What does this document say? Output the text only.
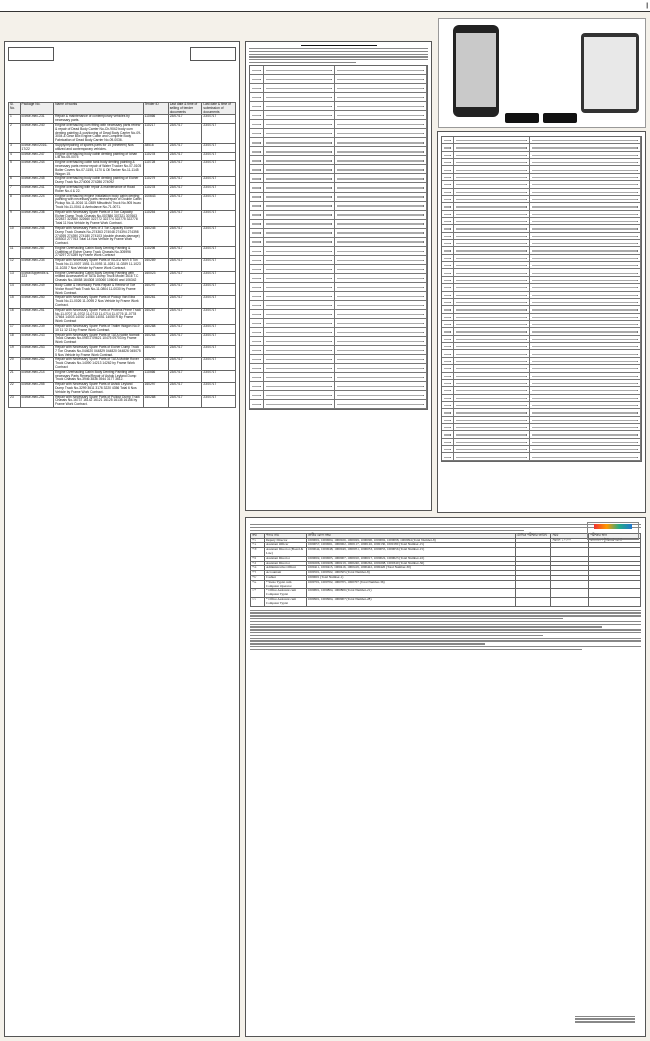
|

Sl. No.	Package No.	Name of works	Tender ID	Last date & time of selling of tender documents	Last date & time of submission of documents
1	cccwe-mec-231	Repair & maintenance of contemporary vehicles by necessary parts.	110466	23/07/17	23/07/17
2	cccwe-mec-240	Engine overhauling cum fitting with necessary parts renew & repair of Dead Body Carrier No-Ch-9042 body cum denting painting & cushioning of Dead Body Carrier No-09-3004 & Gear Box Engine Cabin and Complete Body Fabrication of Dead Body Carrier No-09-0036.	110217	23/07/17	23/07/17
3	cccwe-mec/2016-17/22	Supply/repairing of spares parts for 15 (nineteen) Nos utilized and contemporary vehicles.	38516	23/07/17	23/07/17
4	cccwe-mec-247	Engine overhauling body cabin denting painting of Ichan L/B No-05-0075	110278	23/07/17	23/07/17
5	cccwe-mec-244	Engine overhauling cabin tank body denting painting & necessary parts renew repair of Water Trucker No-07-0105 Boiler Covers No-07-1155, 1170 & Oil Tanker No-11-1145 Wagon 15.	110728	23/07/17	23/07/17
6	cccwe-mec-245	Engine overhauling body cabin denting painting of Eicher Dump Truck No-274006 274286 274092	110279	23/07/17	23/07/17
7	cccwe-mec-241	Engine overhauling with repair & maintenance of Road Roller No-4 & 22.	110278	23/07/17	23/07/17
8	cccwe-mec-224	Engine overhauling engine installation body cabin denting painting with necessary parts renew/repair of Double Cabin Pickup No-11-0016 11-0389 Mitsubishi Truck No-905 Isuzu Truck No-11-0041 & Ambulance No-71-0071.	100643	23/07/17	23/07/17
9	cccwe-mec-236	Repair with Necessary Spare Parts of 3 Ton Capacity Eicher Dump Truck Chassis No-007886 307321 307663 322837 322650 322660 322772 322774 322775 322778 Total 11 Nos Vehicle by Frame Work Contract.	110254	23/07/17	23/07/17
10	cccwe-mec-248	Repair with Necessary Parts of 3 Ton Capacity Eicher Dump Truck Chassis No-274363 274048 274394 274398 274395 274390 274180 274103 (double chassis damage) 305302 277763 Total 14 Nos Vehicle by Frame Work Contract.	160245	23/07/17	23/07/17
11	cccwe-mec-287	Engine Overhauling Cabin Body Denting Painting & Outfitting of Eicher Dump Truck Chassis No-305996 274297 274289 by Frame Work Contract	110298	23/07/17	23/07/17
12	cccwe-mec-234	Repair with Necessary Spare Parts of ISUZU NKR 5 Ton Truck No-11-0007 1551 11-0093 11-0281 11-0289 11-1023 11-1028 7 Nos Vehicle by Frame Work Contract.	160289	23/07/17	23/07/17
13	cccwe/Appendix-s-223	Engine Overhauling Cabin Body Denting Painting with related Accessories of TATA Dump Truck Model 1616 T.C Chassis No-18458 164308 103060 106040 and 106342	160023	23/07/17	23/07/17
14	cccwe-mec-249	Body Cabin & Necessary Parts Repair & Renew of Toe Vrolar Hood Pack Truck No-11-0804 11-0030 by Frame Work Contract.	160297	23/07/17	23/07/17
15	cccwe-mec-250	Repair with Necessary Spare Parts of Pickup Van Eiba Truck No-11-0026 11-0095 2 Nos Vehicle by Frame Work Contract.	160261	23/07/17	23/07/17
16	cccwe-mec-251	Repair with Necessary Spare Parts of Proteus Prime Truck No-11-0707 11-0702 11-0713 11-0714 11-0776 11-0778 17664 14003 14002 14084 14051 14050 R By Frame Work Contract	160267	23/07/17	23/07/17
17	cccwe-mec-239	Repair with Necessary Spare Parts of Trailer Wagon No-9 10 11 12 13 by Frame Work Contract.	160288	23/07/17	23/07/17
18	cccwe-mec-243	Repair with Necessary Spare Parts of TATA Noble Nomati Truck Chassis No-09672 09621 10475 09703 by Frame Work Contract	160264	23/07/17	23/07/17
19	cccwe-mec-253	Repair with Necessary Spare Parts of Eicher Dump Truck 7 Ton Chassis No-044620 044829 044820 044826 045075 5 Nos Vehicle by Frame Work Contract.	160207	23/07/17	23/07/17
20	cccwe-mec-252	Repair with Necessary Spare Parts of TATA Mobile Rover Truck Chassis No-14090 14213 14262 by Frame Work Contract	160290	23/07/17	23/07/17
21	cccwe-mec-214	Engine Overhauling Cabin Body Denting Painting with necessary Parts Renew/Repair of Ashok Leyland Dump Truck Chassis No-3946 3836 3944 3177 3612.	110466	23/07/17	23/07/17
22	cccwe-mec-255	Repair with Necessary Spare Parts of Ashok Leyland Dump Truck No-3299 3611 3176 3220 4356 Total 6 Nos Vehicle by Frame Work Contract.	160297	23/07/17	23/07/17
23	cccwe-mec-251	Repair with Necessary Spare Parts of Pullout Dump Truck Chassis No-16737 16142 16121 16125 16135 16156 by Frame Work Contract.	160288	23/07/17	23/07/17
ক্রম	পদের নাম	প্রার্থীর রোল নম্বর	মৌখিক পরীক্ষার তারিখ	সময়	পরীক্ষার স্থান
০১	Deputy Director	1000001, 1000004, 1000026, 1000029, 1000090, 1000092, 1000098, 1000094 (Total Number-8)		সকাল ১০:০০	বাংলাদেশ ট্যুরিজম বোর্ড
০২	Assistant Officer	1000057, 1000061, 1000062, 1000117, 1000126, 1000130, 1000180 (Total Number-15)			
০৩	Assistant Director (Board & Law)	1000044, 1000048, 1000049, 1000051, 1000053, 1000055, 1000056 (Total Number-15)			
০৪	Assistant Director	1000002, 1000005, 1000007, 1000010, 1000017, 1000022, 1000023 (Total Number-22)			
০৫	Assistant Director	1000206, 1000208, 1000219, 1000240, 1000262, 1000298, 1000340 (Total Number-36)			
০৬	Administrative Officer	1000411, 1000413, 1000416, 1000419, 1000422, 1000426 (Total Number-30)			
০৭	Accountant	1000501, 1000502, 1000505 (Total Number-8)			
০৮	Cashier	1000601 (Total Number-1)			
০৯	* Steno Typist cum Computer Operator	1000701, 1000702, 1000705, 1000707 (Total Number-36)			
১০	* Office Assistant cum Computer Typist	1000801, 1000804, 1000806 (Total Number-21)			
১১	* Office Assistant cum Computer Typist	1000901, 1000904, 1000907 (Total Number-28)			
